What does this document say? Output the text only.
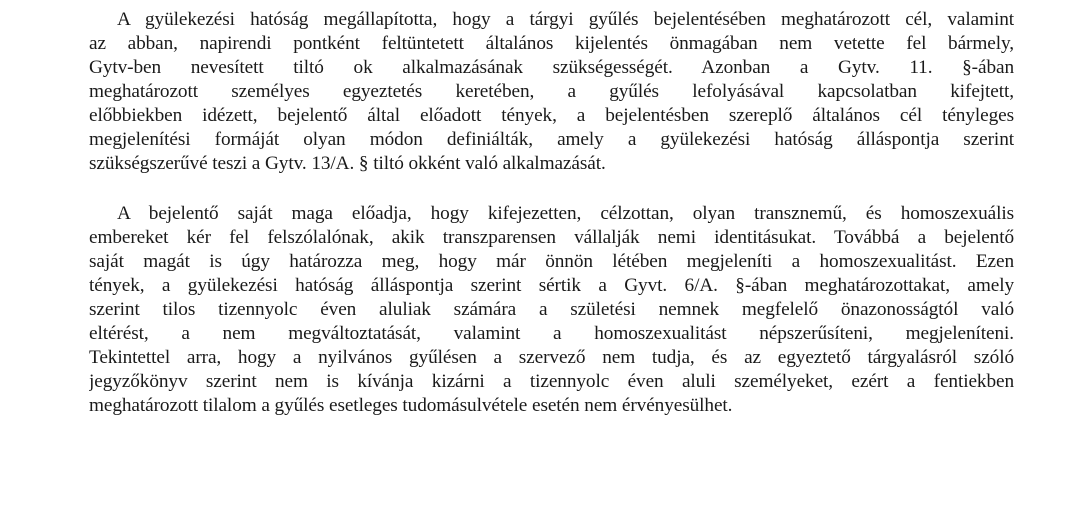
A gyülekezési hatóság megállapította, hogy a tárgyi gyűlés bejelentésében meghatározott cél, valamint
az abban, napirendi pontként feltüntetett általános kijelentés önmagában nem vetette fel bármely,
Gytv-ben nevesített tiltó ok alkalmazásának szükségességét. Azonban a Gytv. 11. §-ában
meghatározott személyes egyeztetés keretében, a gyűlés lefolyásával kapcsolatban kifejtett,
előbbiekben idézett, bejelentő által előadott tények, a bejelentésben szereplő általános cél tényleges
megjelenítési formáját olyan módon definiálták, amely a gyülekezési hatóság álláspontja szerint
szükségszerűvé teszi a Gytv. 13/A. § tiltó okként való alkalmazását.
A bejelentő saját maga előadja, hogy kifejezetten, célzottan, olyan transznemű, és homoszexuális
embereket kér fel felszólalónak, akik transzparensen vállalják nemi identitásukat. Továbbá a bejelentő
saját magát is úgy határozza meg, hogy már önnön létében megjeleníti a homoszexualitást. Ezen
tények, a gyülekezési hatóság álláspontja szerint sértik a Gyvt. 6/A. §-ában meghatározottakat, amely
szerint tilos tizennyolc éven aluliak számára a születési nemnek megfelelő önazonosságtól való
eltérést, a nem megváltoztatását, valamint a homoszexualitást népszerűsíteni, megjeleníteni.
Tekintettel arra, hogy a nyilvános gyűlésen a szervező nem tudja, és az egyeztető tárgyalásról szóló
jegyzőkönyv szerint nem is kívánja kizárni a tizennyolc éven aluli személyeket, ezért a fentiekben
meghatározott tilalom a gyűlés esetleges tudomásulvétele esetén nem érvényesülhet.
